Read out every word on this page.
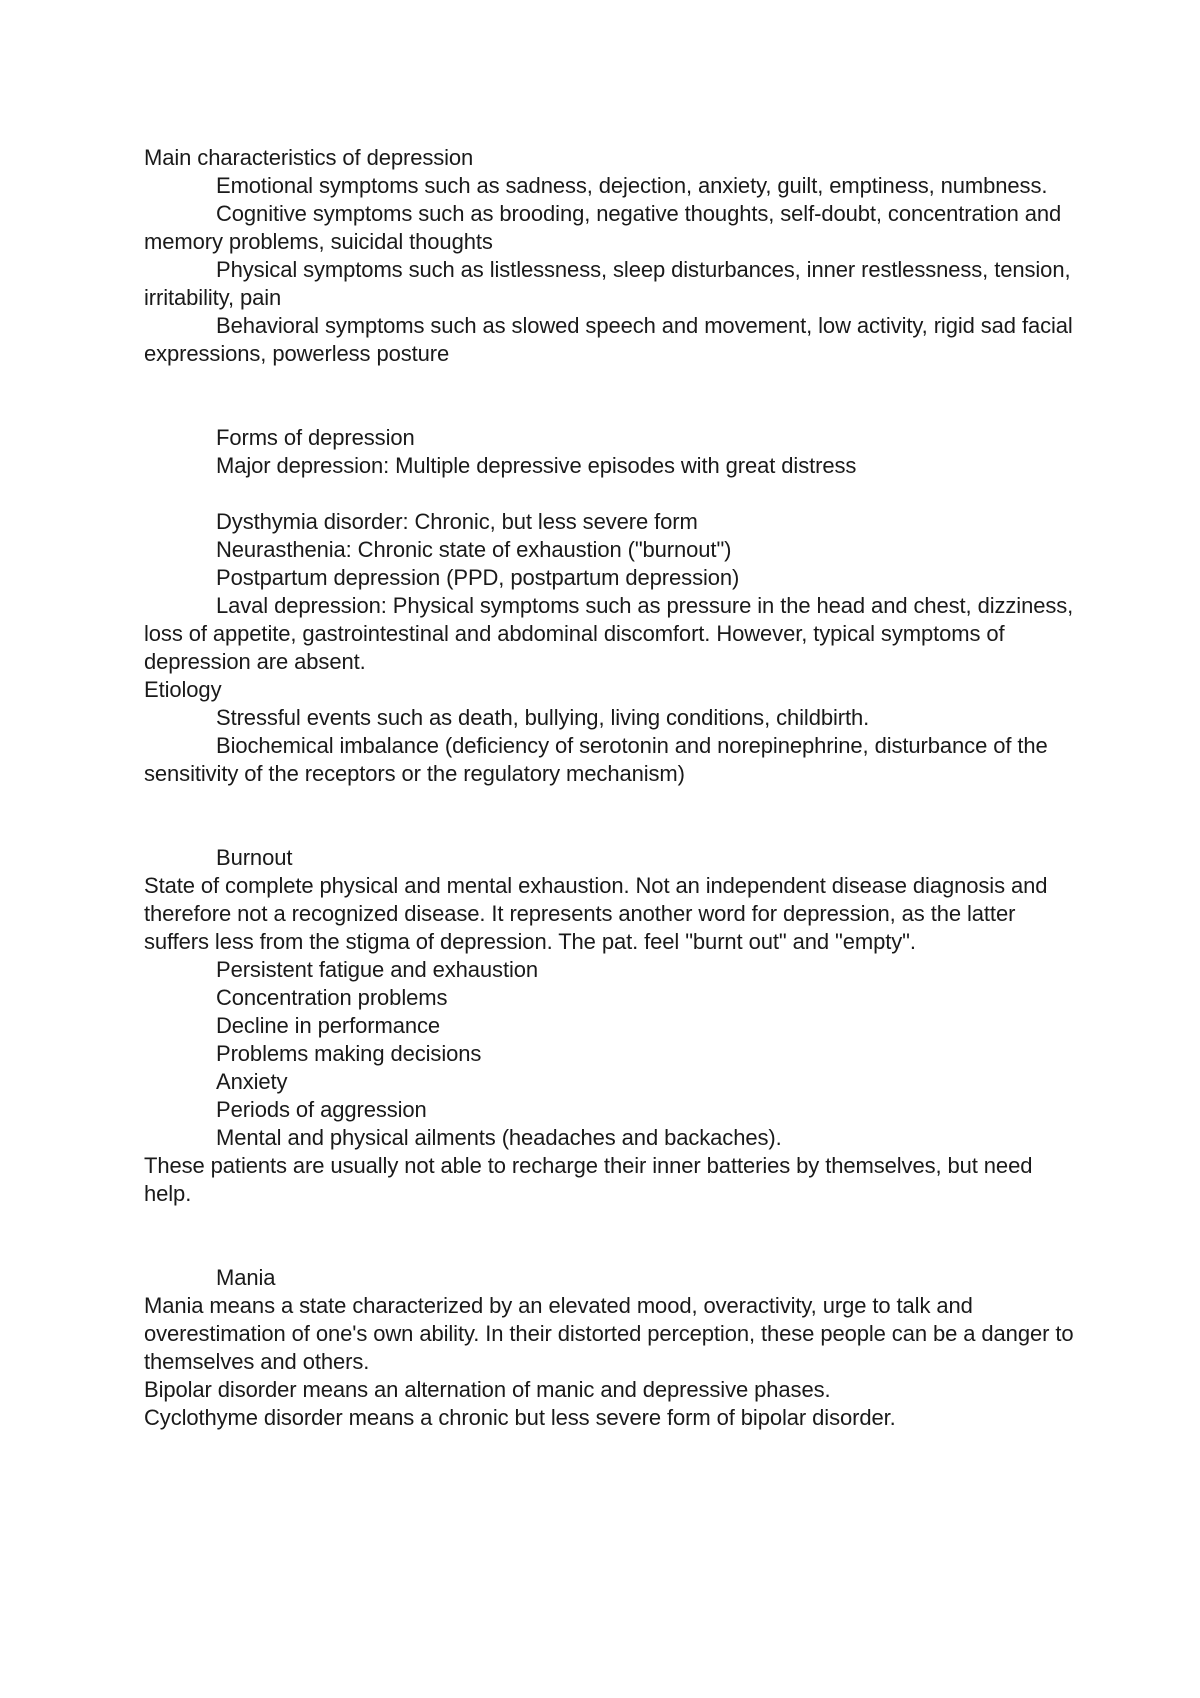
Main characteristics of depression

Emotional symptoms such as sadness, dejection, anxiety, guilt, emptiness, numbness.

Cognitive symptoms such as brooding, negative thoughts, self-doubt, concentration and memory problems, suicidal thoughts

Physical symptoms such as listlessness, sleep disturbances, inner restlessness, tension, irritability, pain

Behavioral symptoms such as slowed speech and movement, low activity, rigid sad facial expressions, powerless posture

Forms of depression

Major depression: Multiple depressive episodes with great distress

Dysthymia disorder: Chronic, but less severe form

Neurasthenia: Chronic state of exhaustion ("burnout")

Postpartum depression (PPD, postpartum depression)

Laval depression: Physical symptoms such as pressure in the head and chest, dizziness, loss of appetite, gastrointestinal and abdominal discomfort. However, typical symptoms of depression are absent.

Etiology

Stressful events such as death, bullying, living conditions, childbirth.

Biochemical imbalance (deficiency of serotonin and norepinephrine, disturbance of the sensitivity of the receptors or the regulatory mechanism)

Burnout

State of complete physical and mental exhaustion. Not an independent disease diagnosis and therefore not a recognized disease. It represents another word for depression, as the latter suffers less from the stigma of depression. The pat. feel "burnt out" and "empty".

Persistent fatigue and exhaustion

Concentration problems

Decline in performance

Problems making decisions

Anxiety

Periods of aggression

Mental and physical ailments (headaches and backaches).

These patients are usually not able to recharge their inner batteries by themselves, but need help.

Mania

Mania means a state characterized by an elevated mood, overactivity, urge to talk and overestimation of one's own ability. In their distorted perception, these people can be a danger to themselves and others.

Bipolar disorder means an alternation of manic and depressive phases.

Cyclothyme disorder means a chronic but less severe form of bipolar disorder.
